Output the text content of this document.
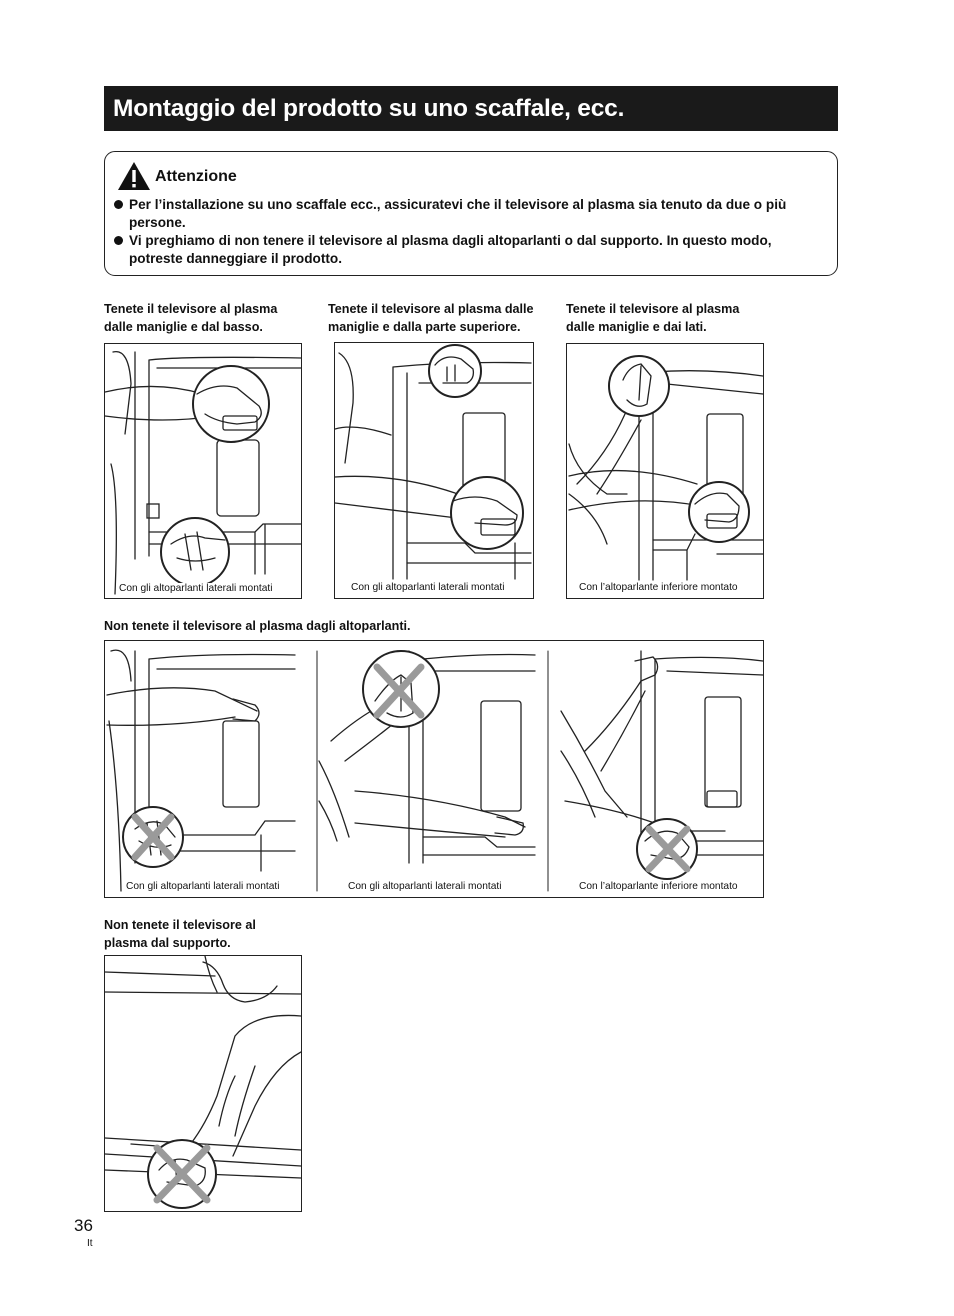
Montaggio del prodotto su uno scaffale, ecc.
Attenzione
Per l’installazione su uno scaffale ecc., assicuratevi che il televisore al plasma sia tenuto da due o più persone.
Vi preghiamo di non tenere il televisore al plasma dagli altoparlanti o dal supporto. In questo modo, potreste danneggiare il prodotto.
Tenete il televisore al plasma dalle maniglie e dal basso.
Tenete il televisore al plasma dalle maniglie e dalla parte superiore.
Tenete il televisore al plasma dalle maniglie e dai lati.
Con gli altoparlanti laterali montati	Con gli altoparlanti laterali montati	Con l’altoparlante inferiore montato
Non tenete il televisore al plasma dagli altoparlanti.
Con gli altoparlanti laterali montati	Con gli altoparlanti laterali montati	Con l’altoparlante inferiore montato
Non tenete il televisore al plasma dal supporto.
36
It
